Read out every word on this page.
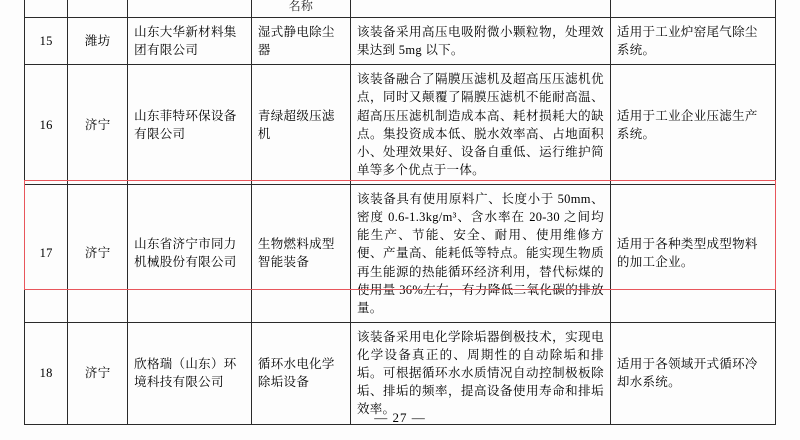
			名称		
15	潍坊	山东大华新材料集团有限公司	湿式静电除尘器	该装备采用高压电吸附微小颗粒物，处理效果达到 5mg 以下。	适用于工业炉窑尾气除尘系统。
16	济宁	山东菲特环保设备有限公司	青绿超级压滤机	该装备融合了隔膜压滤机及超高压压滤机优点，同时又颠覆了隔膜压滤机不能耐高温、超高压压滤机制造成本高、耗材损耗大的缺点。集投资成本低、脱水效率高、占地面积小、处理效果好、设备自重低、运行维护简单等多个优点于一体。	适用于工业企业压滤生产系统。
17	济宁	山东省济宁市同力机械股份有限公司	生物燃料成型智能装备	该装备具有使用原料广、长度小于 50mm、密度 0.6-1.3kg/m³、含水率在 20-30 之间均能生产、节能、安全、耐用、使用维修方便、产量高、能耗低等特点。能实现生物质再生能源的热能循环经济利用，替代标煤的使用量 36%左右，有力降低二氧化碳的排放量。	适用于各种类型成型物料的加工企业。
18	济宁	欣格瑞（山东）环境科技有限公司	循环水电化学除垢设备	该装备采用电化学除垢器倒极技术，实现电化学设备真正的、周期性的自动除垢和排垢。可根据循环水水质情况自动控制极板除垢、排垢的频率，提高设备使用寿命和排垢效率。	适用于各领域开式循环冷却水系统。
— 27 —
